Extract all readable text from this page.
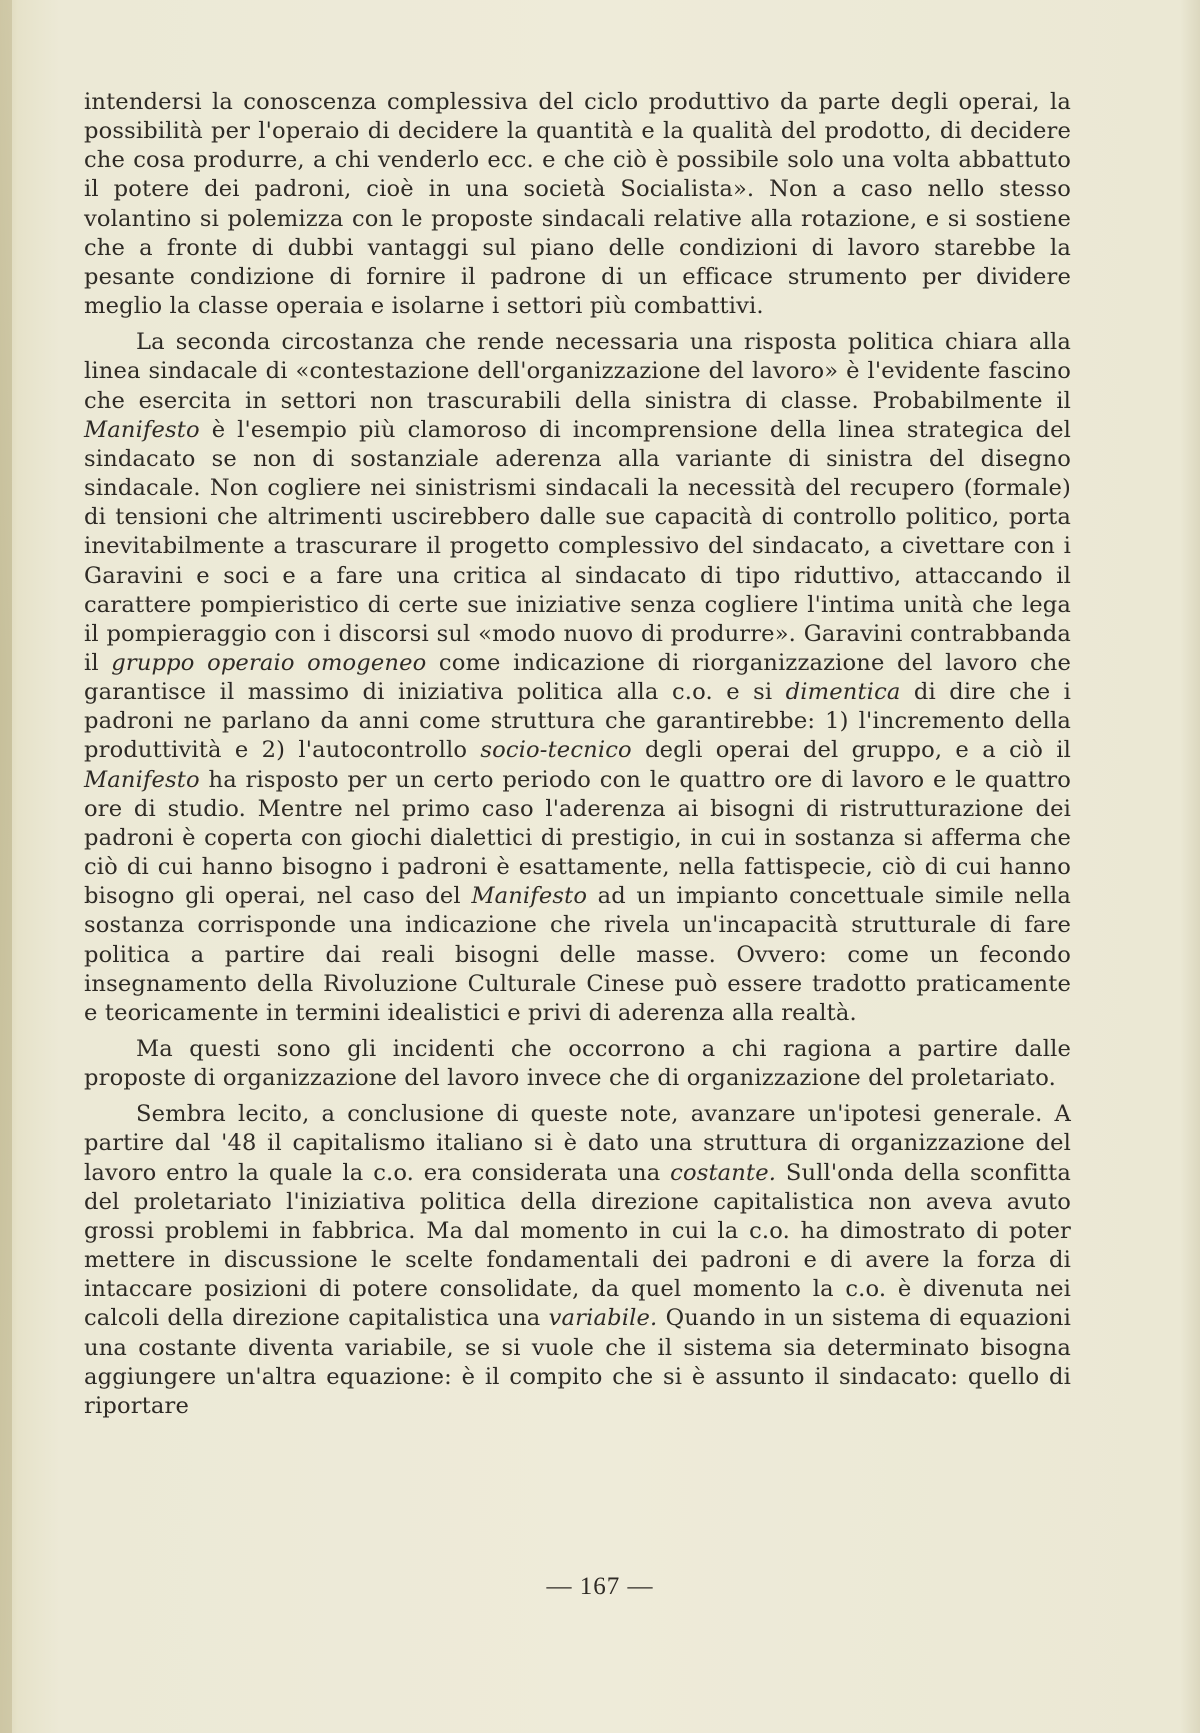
intendersi la conoscenza complessiva del ciclo produttivo da parte degli operai, la possibilità per l'operaio di decidere la quantità e la qualità del prodotto, di decidere che cosa produrre, a chi venderlo ecc. e che ciò è possibile solo una volta abbattuto il potere dei padroni, cioè in una società Socialista». Non a caso nello stesso volantino si polemizza con le proposte sindacali relative alla rotazione, e si sostiene che a fronte di dubbi vantaggi sul piano delle condizioni di lavoro starebbe la pesante condizione di fornire il padrone di un efficace strumento per dividere meglio la classe operaia e isolarne i settori più combattivi.

La seconda circostanza che rende necessaria una risposta politica chiara alla linea sindacale di «contestazione dell'organizzazione del lavoro» è l'evidente fascino che esercita in settori non trascurabili della sinistra di classe. Probabilmente il Manifesto è l'esempio più clamoroso di incomprensione della linea strategica del sindacato se non di sostanziale aderenza alla variante di sinistra del disegno sindacale. Non cogliere nei sinistrismi sindacali la necessità del recupero (formale) di tensioni che altrimenti uscirebbero dalle sue capacità di controllo politico, porta inevitabilmente a trascurare il progetto complessivo del sindacato, a civettare con i Garavini e soci e a fare una critica al sindacato di tipo riduttivo, attaccando il carattere pompieristico di certe sue iniziative senza cogliere l'intima unità che lega il pompieraggio con i discorsi sul «modo nuovo di produrre». Garavini contrabbanda il gruppo operaio omogeneo come indicazione di riorganizzazione del lavoro che garantisce il massimo di iniziativa politica alla c.o. e si dimentica di dire che i padroni ne parlano da anni come struttura che garantirebbe: 1) l'incremento della produttività e 2) l'autocontrollo socio-tecnico degli operai del gruppo, e a ciò il Manifesto ha risposto per un certo periodo con le quattro ore di lavoro e le quattro ore di studio. Mentre nel primo caso l'aderenza ai bisogni di ristrutturazione dei padroni è coperta con giochi dialettici di prestigio, in cui in sostanza si afferma che ciò di cui hanno bisogno i padroni è esattamente, nella fattispecie, ciò di cui hanno bisogno gli operai, nel caso del Manifesto ad un impianto concettuale simile nella sostanza corrisponde una indicazione che rivela un'incapacità strutturale di fare politica a partire dai reali bisogni delle masse. Ovvero: come un fecondo insegnamento della Rivoluzione Culturale Cinese può essere tradotto praticamente e teoricamente in termini idealistici e privi di aderenza alla realtà.

Ma questi sono gli incidenti che occorrono a chi ragiona a partire dalle proposte di organizzazione del lavoro invece che di organizzazione del proletariato.

Sembra lecito, a conclusione di queste note, avanzare un'ipotesi generale. A partire dal '48 il capitalismo italiano si è dato una struttura di organizzazione del lavoro entro la quale la c.o. era considerata una costante. Sull'onda della sconfitta del proletariato l'iniziativa politica della direzione capitalistica non aveva avuto grossi problemi in fabbrica. Ma dal momento in cui la c.o. ha dimostrato di poter mettere in discussione le scelte fondamentali dei padroni e di avere la forza di intaccare posizioni di potere consolidate, da quel momento la c.o. è divenuta nei calcoli della direzione capitalistica una variabile. Quando in un sistema di equazioni una costante diventa variabile, se si vuole che il sistema sia determinato bisogna aggiungere un'altra equazione: è il compito che si è assunto il sindacato: quello di riportare

— 167 —
